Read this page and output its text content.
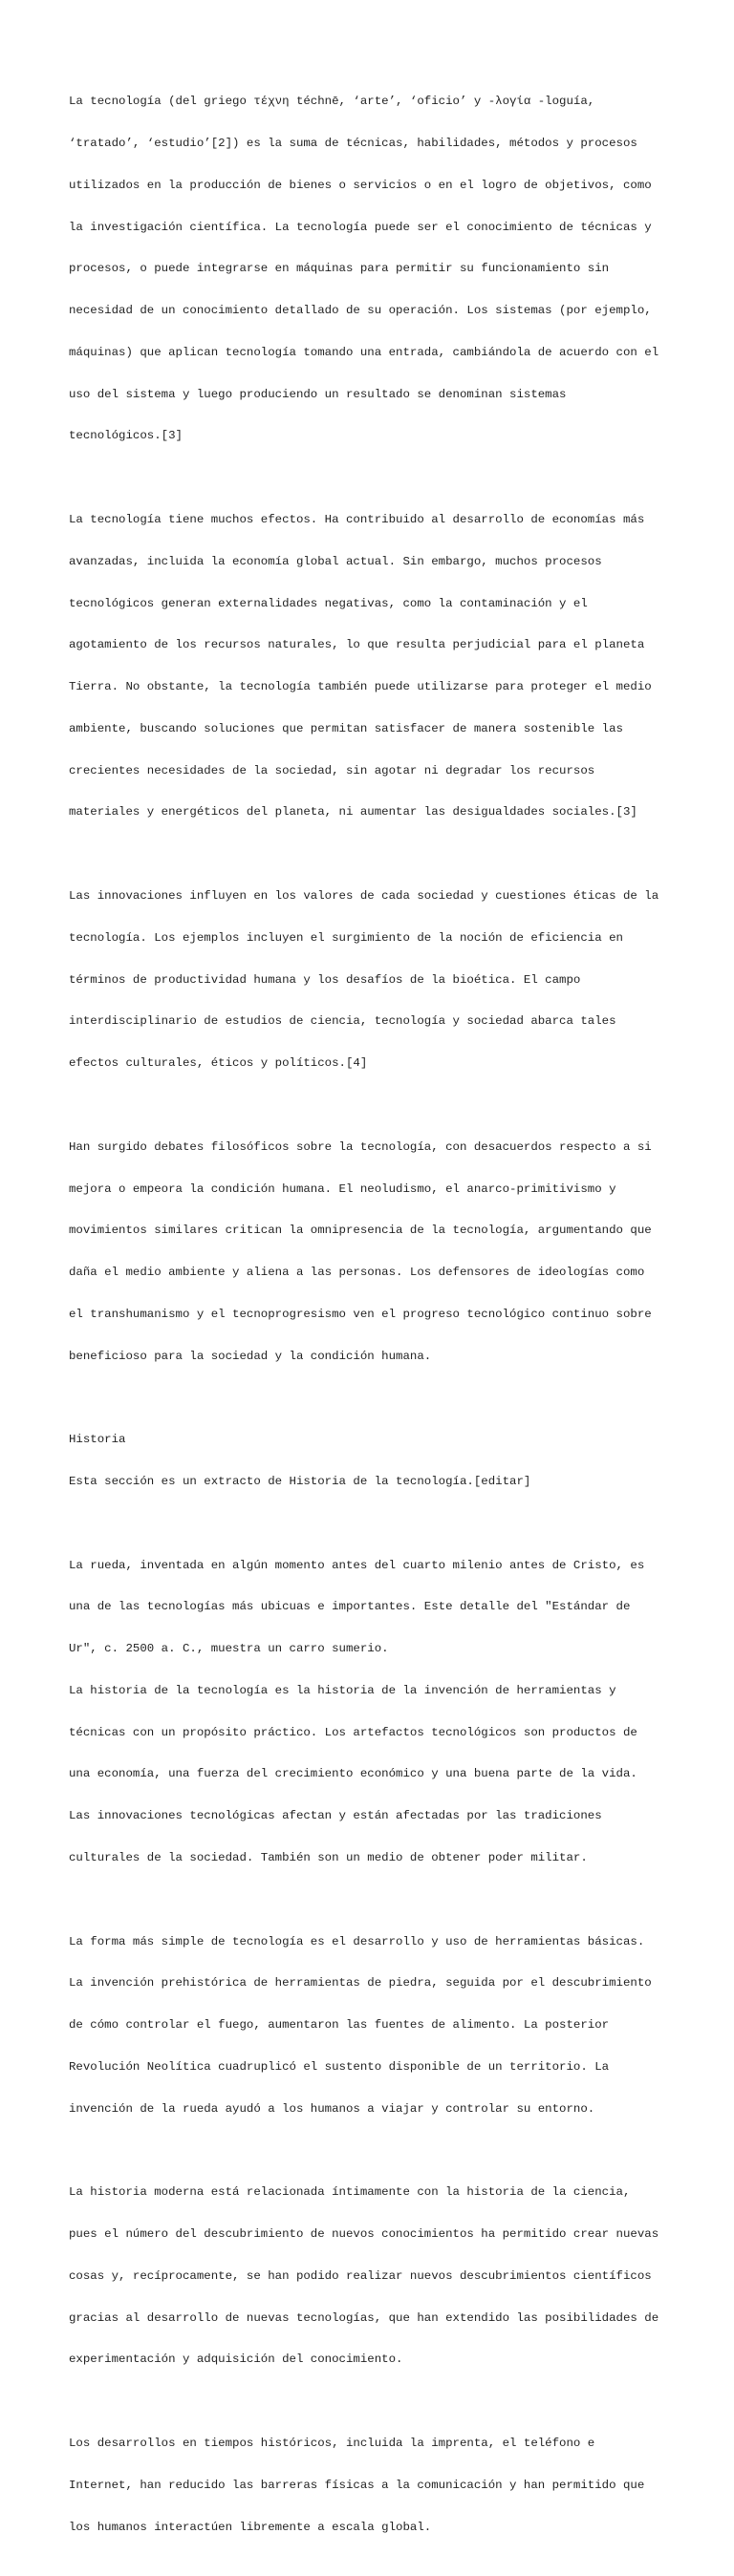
La tecnología (del griego τέχνη téchnē, ‘arte’, ‘oficio’ y -λογία -loguía,

‘tratado’, ‘estudio’[2]) es la suma de técnicas, habilidades, métodos y procesos

utilizados en la producción de bienes o servicios o en el logro de objetivos, como

la investigación científica. La tecnología puede ser el conocimiento de técnicas y

procesos, o puede integrarse en máquinas para permitir su funcionamiento sin

necesidad de un conocimiento detallado de su operación. Los sistemas (por ejemplo,

máquinas) que aplican tecnología tomando una entrada, cambiándola de acuerdo con el

uso del sistema y luego produciendo un resultado se denominan sistemas

tecnológicos.[3]

La tecnología tiene muchos efectos. Ha contribuido al desarrollo de economías más

avanzadas, incluida la economía global actual. Sin embargo, muchos procesos

tecnológicos generan externalidades negativas, como la contaminación y el

agotamiento de los recursos naturales, lo que resulta perjudicial para el planeta

Tierra. No obstante, la tecnología también puede utilizarse para proteger el medio

ambiente, buscando soluciones que permitan satisfacer de manera sostenible las

crecientes necesidades de la sociedad, sin agotar ni degradar los recursos

materiales y energéticos del planeta, ni aumentar las desigualdades sociales.[3]

Las innovaciones influyen en los valores de cada sociedad y cuestiones éticas de la

tecnología. Los ejemplos incluyen el surgimiento de la noción de eficiencia en

términos de productividad humana y los desafíos de la bioética. El campo

interdisciplinario de estudios de ciencia, tecnología y sociedad abarca tales

efectos culturales, éticos y políticos.[4]

Han surgido debates filosóficos sobre la tecnología, con desacuerdos respecto a si

mejora o empeora la condición humana. El neoludismo, el anarco-primitivismo y

movimientos similares critican la omnipresencia de la tecnología, argumentando que

daña el medio ambiente y aliena a las personas. Los defensores de ideologías como

el transhumanismo y el tecnoprogresismo ven el progreso tecnológico continuo sobre

beneficioso para la sociedad y la condición humana.

Historia

Esta sección es un extracto de Historia de la tecnología.[editar]

La rueda, inventada en algún momento antes del cuarto milenio antes de Cristo, es

una de las tecnologías más ubicuas e importantes. Este detalle del "Estándar de

Ur", c. 2500 a. C., muestra un carro sumerio.

La historia de la tecnología es la historia de la invención de herramientas y

técnicas con un propósito práctico. Los artefactos tecnológicos son productos de

una economía, una fuerza del crecimiento económico y una buena parte de la vida.

Las innovaciones tecnológicas afectan y están afectadas por las tradiciones

culturales de la sociedad. También son un medio de obtener poder militar.

La forma más simple de tecnología es el desarrollo y uso de herramientas básicas.

La invención prehistórica de herramientas de piedra, seguida por el descubrimiento

de cómo controlar el fuego, aumentaron las fuentes de alimento. La posterior

Revolución Neolítica cuadruplicó el sustento disponible de un territorio. La

invención de la rueda ayudó a los humanos a viajar y controlar su entorno.

La historia moderna está relacionada íntimamente con la historia de la ciencia,

pues el número del descubrimiento de nuevos conocimientos ha permitido crear nuevas

cosas y, recíprocamente, se han podido realizar nuevos descubrimientos científicos

gracias al desarrollo de nuevas tecnologías, que han extendido las posibilidades de

experimentación y adquisición del conocimiento.

Los desarrollos en tiempos históricos, incluida la imprenta, el teléfono e

Internet, han reducido las barreras físicas a la comunicación y han permitido que

los humanos interactúen libremente a escala global.
